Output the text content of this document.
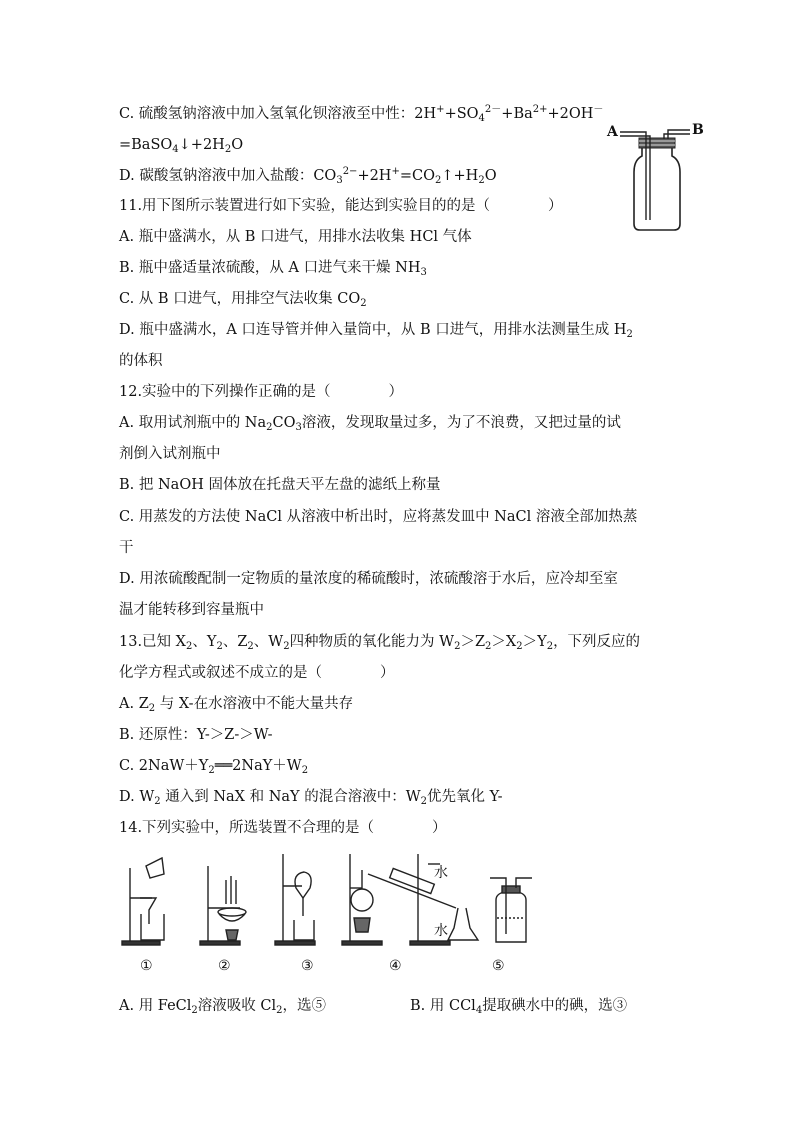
C. 硫酸氢钠溶液中加入氢氧化钡溶液至中性：$2H^++SO_4^{2-}+Ba^{2+}+2OH^-$
$=BaSO_4↓+2H_2O$
D. 碳酸氢钠溶液中加入盐酸：$CO_3^{2-}+2H^+=CO_2↑+H_2O$
A	B
11.用下图所示装置进行如下实验，能达到实验目的的是（　　　　）
A. 瓶中盛满水，从 B 口进气，用排水法收集 HCl 气体
B. 瓶中盛适量浓硫酸，从 A 口进气来干燥 $NH_3$
C. 从 B 口进气，用排空气法收集 $CO_2$
D. 瓶中盛满水，A 口连导管并伸入量筒中，从 B 口进气，用排水法测量生成 $H_2$
的体积
12.实验中的下列操作正确的是（　　　　）
A. 取用试剂瓶中的 $Na_2CO_3$溶液，发现取量过多，为了不浪费，又把过量的试
剂倒入试剂瓶中
B. 把 NaOH 固体放在托盘天平左盘的滤纸上称量
C. 用蒸发的方法使 NaCl 从溶液中析出时，应将蒸发皿中 NaCl 溶液全部加热蒸
干
D. 用浓硫酸配制一定物质的量浓度的稀硫酸时，浓硫酸溶于水后，应冷却至室
温才能转移到容量瓶中
13.已知 $X_2$、$Y_2$、$Z_2$、$W_2$四种物质的氧化能力为 $W_2>Z_2>X_2>Y_2$，下列反应的
化学方程式或叙述不成立的是（　　　　）
A. $Z_2$ 与 X-在水溶液中不能大量共存
B. 还原性：Y-＞Z-＞W-
C. $2NaW+Y_2══2NaY+W_2$
D. $W_2$ 通入到 NaX 和 NaY 的混合溶液中：$W_2$优先氧化 Y-
14.下列实验中，所选装置不合理的是（　　　　）
水
水
①	②	③	④	⑤
A. 用 FeCl$_2$溶液吸收 $Cl_2$，选⑤	B. 用 CCl$_4$提取碘水中的碘，选③
